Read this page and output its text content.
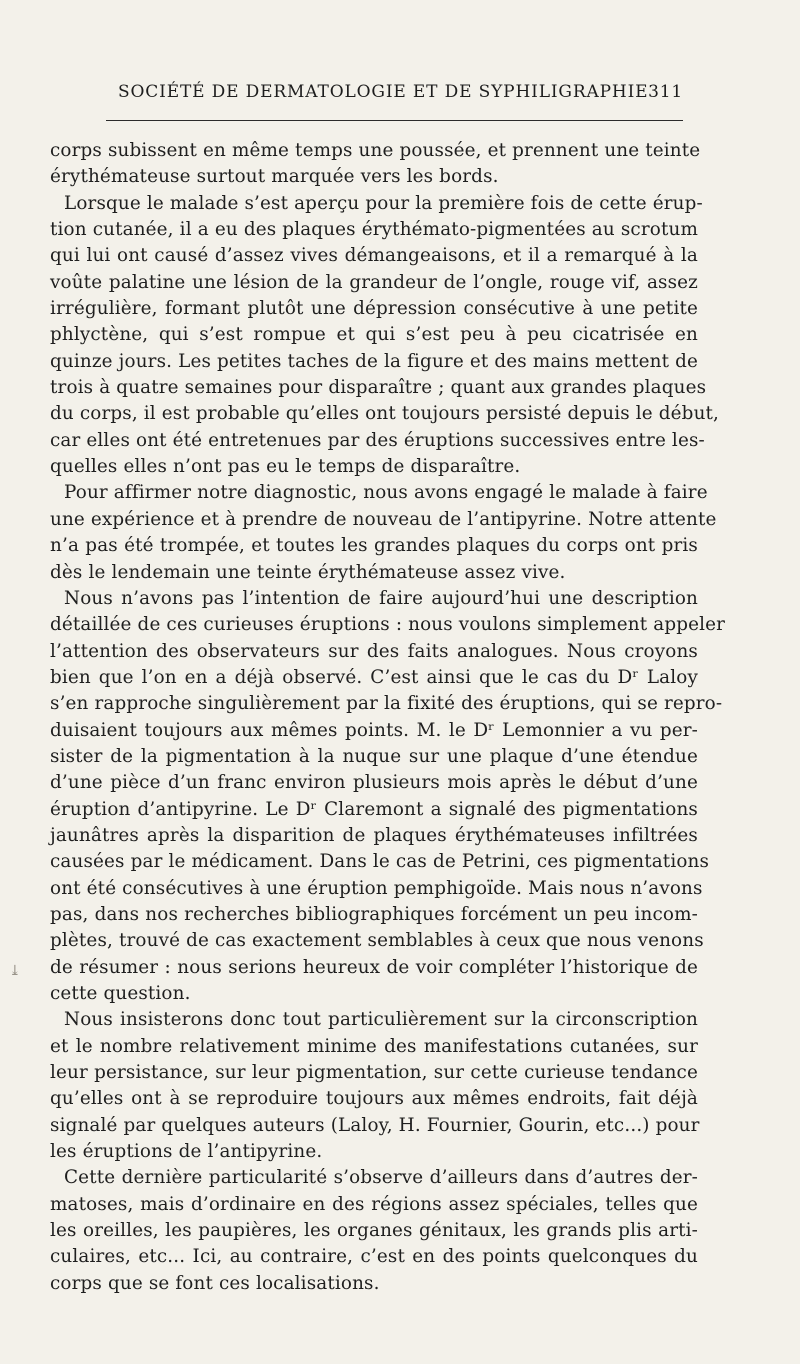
SOCIÉTÉ DE DERMATOLOGIE ET DE SYPHILIGRAPHIE 311
⤓
corps subissent en même temps une poussée, et prennent une teinte
érythémateuse surtout marquée vers les bords.
Lorsque le malade s’est aperçu pour la première fois de cette érup-
tion cutanée, il a eu des plaques érythémato-pigmentées au scrotum
qui lui ont causé d’assez vives démangeaisons, et il a remarqué à la
voûte palatine une lésion de la grandeur de l’ongle, rouge vif, assez
irrégulière, formant plutôt une dépression consécutive à une petite
phlyctène, qui s’est rompue et qui s’est peu à peu cicatrisée en
quinze jours. Les petites taches de la figure et des mains mettent de
trois à quatre semaines pour disparaître ; quant aux grandes plaques
du corps, il est probable qu’elles ont toujours persisté depuis le début,
car elles ont été entretenues par des éruptions successives entre les-
quelles elles n’ont pas eu le temps de disparaître.
Pour affirmer notre diagnostic, nous avons engagé le malade à faire
une expérience et à prendre de nouveau de l’antipyrine. Notre attente
n’a pas été trompée, et toutes les grandes plaques du corps ont pris
dès le lendemain une teinte érythémateuse assez vive.
Nous n’avons pas l’intention de faire aujourd’hui une description
détaillée de ces curieuses éruptions : nous voulons simplement appeler
l’attention des observateurs sur des faits analogues. Nous croyons
bien que l’on en a déjà observé. C’est ainsi que le cas du Dʳ Laloy
s’en rapproche singulièrement par la fixité des éruptions, qui se repro-
duisaient toujours aux mêmes points. M. le Dʳ Lemonnier a vu per-
sister de la pigmentation à la nuque sur une plaque d’une étendue
d’une pièce d’un franc environ plusieurs mois après le début d’une
éruption d’antipyrine. Le Dʳ Claremont a signalé des pigmentations
jaunâtres après la disparition de plaques érythémateuses infiltrées
causées par le médicament. Dans le cas de Petrini, ces pigmentations
ont été consécutives à une éruption pemphigoïde. Mais nous n’avons
pas, dans nos recherches bibliographiques forcément un peu incom-
plètes, trouvé de cas exactement semblables à ceux que nous venons
de résumer : nous serions heureux de voir compléter l’historique de
cette question.
Nous insisterons donc tout particulièrement sur la circonscription
et le nombre relativement minime des manifestations cutanées, sur
leur persistance, sur leur pigmentation, sur cette curieuse tendance
qu’elles ont à se reproduire toujours aux mêmes endroits, fait déjà
signalé par quelques auteurs (Laloy, H. Fournier, Gourin, etc...) pour
les éruptions de l’antipyrine.
Cette dernière particularité s’observe d’ailleurs dans d’autres der-
matoses, mais d’ordinaire en des régions assez spéciales, telles que
les oreilles, les paupières, les organes génitaux, les grands plis arti-
culaires, etc... Ici, au contraire, c’est en des points quelconques du
corps que se font ces localisations.
